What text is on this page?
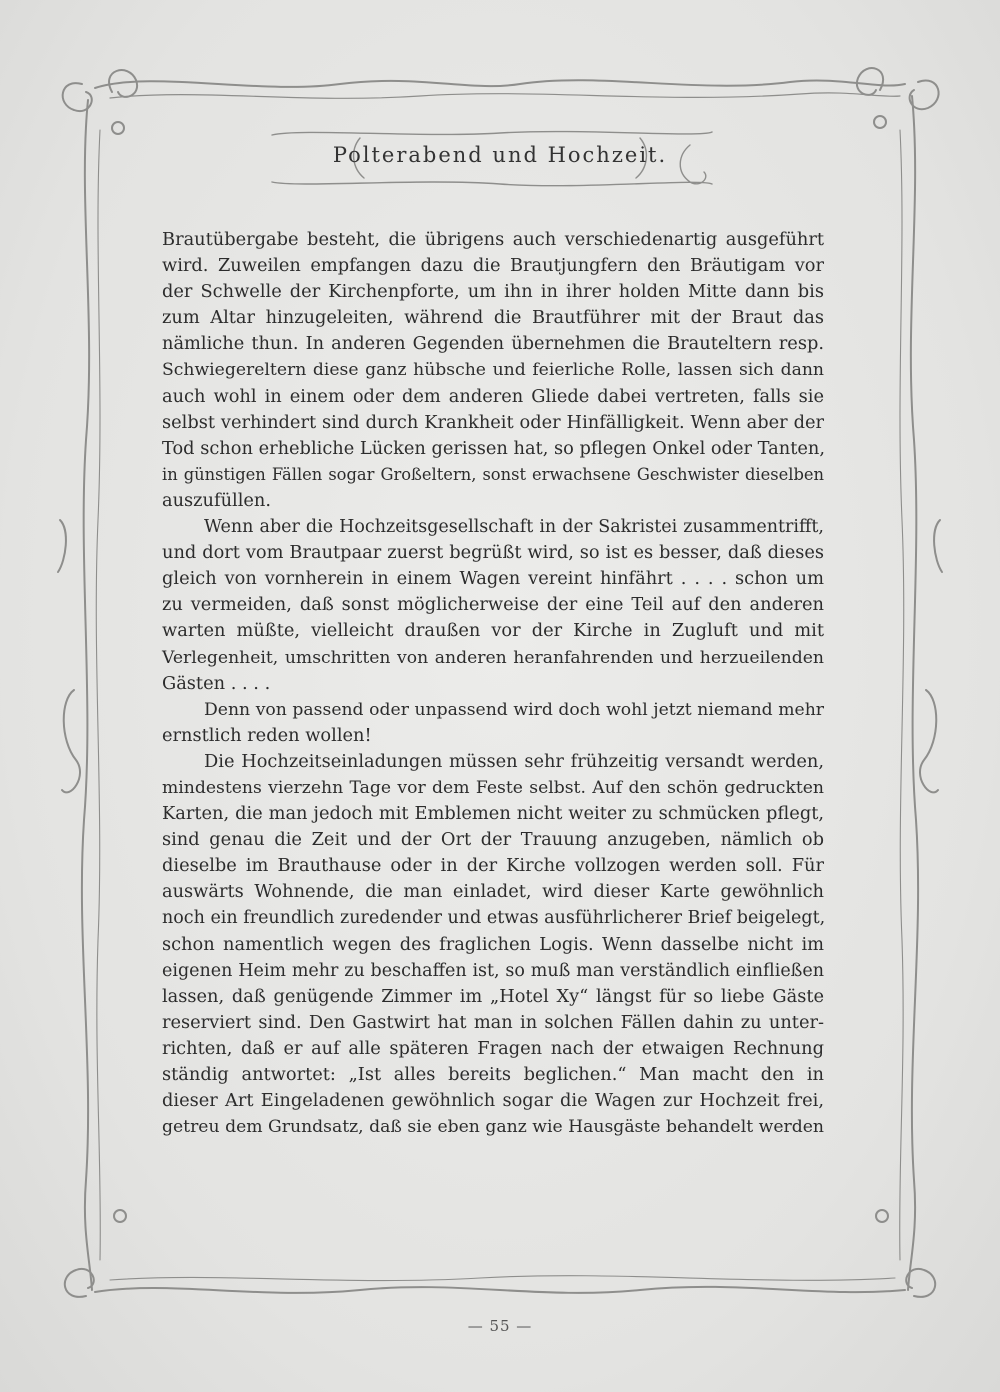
Polterabend und Hochzeit.
Brautübergabe besteht, die übrigens auch verschiedenartig ausgeführt
wird. Zuweilen empfangen dazu die Brautjungfern den Bräutigam vor
der Schwelle der Kirchenpforte, um ihn in ihrer holden Mitte dann bis
zum Altar hinzugeleiten, während die Brautführer mit der Braut das
nämliche thun. In anderen Gegenden übernehmen die Brauteltern resp.
Schwiegereltern diese ganz hübsche und feierliche Rolle, lassen sich dann
auch wohl in einem oder dem anderen Gliede dabei vertreten, falls sie
selbst verhindert sind durch Krankheit oder Hinfälligkeit. Wenn aber der
Tod schon erhebliche Lücken gerissen hat, so pflegen Onkel oder Tanten,
in günstigen Fällen sogar Großeltern, sonst erwachsene Geschwister dieselben
auszufüllen.
Wenn aber die Hochzeitsgesellschaft in der Sakristei zusammentrifft,
und dort vom Brautpaar zuerst begrüßt wird, so ist es besser, daß dieses
gleich von vornherein in einem Wagen vereint hinfährt . . . . schon um
zu vermeiden, daß sonst möglicherweise der eine Teil auf den anderen
warten müßte, vielleicht draußen vor der Kirche in Zugluft und mit
Verlegenheit, umschritten von anderen heranfahrenden und herzueilenden
Gästen . . . .
Denn von passend oder unpassend wird doch wohl jetzt niemand mehr
ernstlich reden wollen!
Die Hochzeitseinladungen müssen sehr frühzeitig versandt werden,
mindestens vierzehn Tage vor dem Feste selbst. Auf den schön gedruckten
Karten, die man jedoch mit Emblemen nicht weiter zu schmücken pflegt,
sind genau die Zeit und der Ort der Trauung anzugeben, nämlich ob
dieselbe im Brauthause oder in der Kirche vollzogen werden soll. Für
auswärts Wohnende, die man einladet, wird dieser Karte gewöhnlich
noch ein freundlich zuredender und etwas ausführlicherer Brief beigelegt,
schon namentlich wegen des fraglichen Logis. Wenn dasselbe nicht im
eigenen Heim mehr zu beschaffen ist, so muß man verständlich einfließen
lassen, daß genügende Zimmer im „Hotel Xy“ längst für so liebe Gäste
reserviert sind. Den Gastwirt hat man in solchen Fällen dahin zu unter-
richten, daß er auf alle späteren Fragen nach der etwaigen Rechnung
ständig antwortet: „Ist alles bereits beglichen.“ Man macht den in
dieser Art Eingeladenen gewöhnlich sogar die Wagen zur Hochzeit frei,
getreu dem Grundsatz, daß sie eben ganz wie Hausgäste behandelt werden
— 55 —
